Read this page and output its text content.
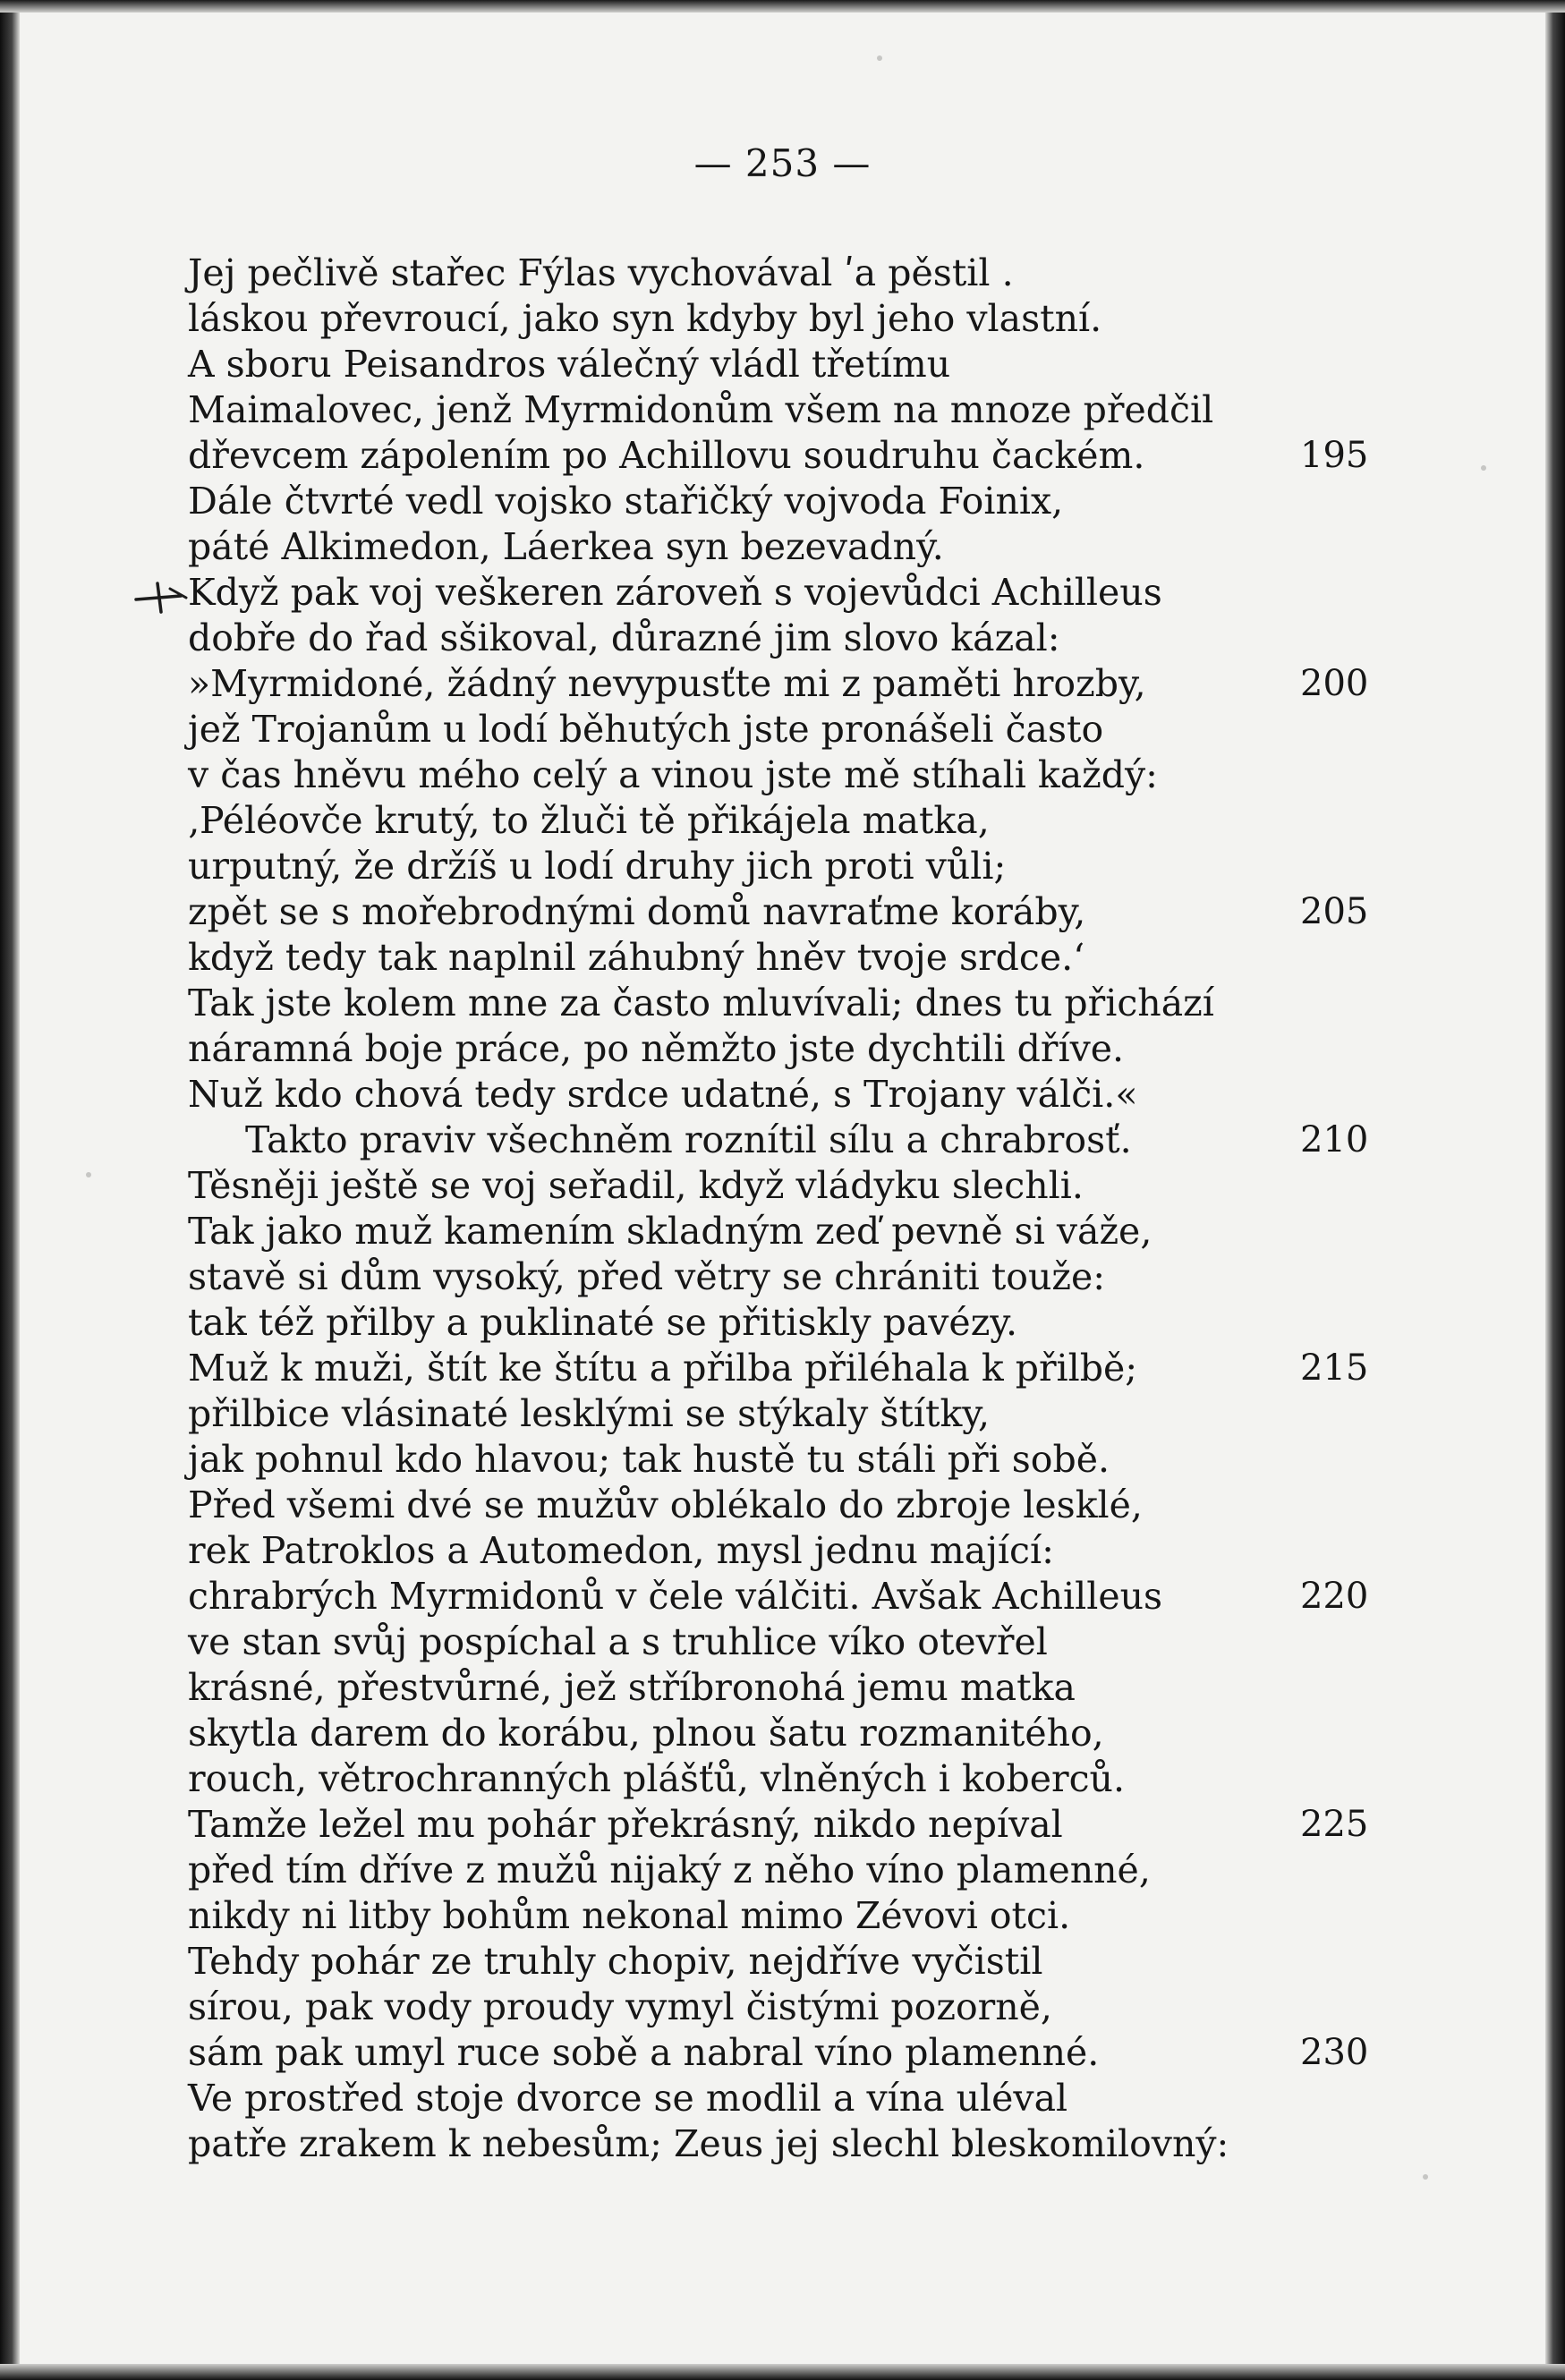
— 253 —
Jej pečlivě stařec Fýlas vychovával ʹa pěstil .
láskou převroucí, jako syn kdyby byl jeho vlastní.
A sboru Peisandros válečný vládl třetímu
Maimalovec, jenž Myrmidonům všem na mnoze předčil
dřevcem zápolením po Achillovu soudruhu čackém.	195
Dále čtvrté vedl vojsko stařičký vojvoda Foinix,
páté Alkimedon, Láerkea syn bezevadný.
Když pak voj veškeren zároveň s vojevůdci Achilleus
dobře do řad sšikoval, důrazné jim slovo kázal:
»Myrmidoné, žádný nevypusťte mi z paměti hrozby,	200
jež Trojanům u lodí běhutých jste pronášeli často
v čas hněvu mého celý a vinou jste mě stíhali každý:
‚Péléovče krutý, to žluči tě přikájela matka,
urputný, že držíš u lodí druhy jich proti vůli;
zpět se s mořebrodnými domů navraťme koráby,	205
když tedy tak naplnil záhubný hněv tvoje srdce.‘
Tak jste kolem mne za často mluvívali; dnes tu přichází
náramná boje práce, po němžto jste dychtili dříve.
Nuž kdo chová tedy srdce udatné, s Trojany válči.«
Takto praviv všechněm roznítil sílu a chrabrosť.	210
Těsněji ještě se voj seřadil, když vládyku slechli.
Tak jako muž kamením skladným zeď pevně si váže,
stavě si dům vysoký, před větry se chrániti touže:
tak též přilby a puklinaté se přitiskly pavézy.
Muž k muži, štít ke štítu a přilba přiléhala k přilbě;	215
přilbice vlásinaté lesklými se stýkaly štítky,
jak pohnul kdo hlavou; tak hustě tu stáli při sobě.
Před všemi dvé se mužův oblékalo do zbroje lesklé,
rek Patroklos a Automedon, mysl jednu mající:
chrabrých Myrmidonů v čele válčiti. Avšak Achilleus	220
ve stan svůj pospíchal a s truhlice víko otevřel
krásné, přestvůrné, jež stříbronohá jemu matka
skytla darem do korábu, plnou šatu rozmanitého,
rouch, větrochranných plášťů, vlněných i koberců.
Tamže ležel mu pohár překrásný, nikdo nepíval	225
před tím dříve z mužů nijaký z něho víno plamenné,
nikdy ni litby bohům nekonal mimo Zévovi otci.
Tehdy pohár ze truhly chopiv, nejdříve vyčistil
sírou, pak vody proudy vymyl čistými pozorně,
sám pak umyl ruce sobě a nabral víno plamenné.	230
Ve prostřed stoje dvorce se modlil a vína uléval
patře zrakem k nebesům; Zeus jej slechl bleskomilovný:
